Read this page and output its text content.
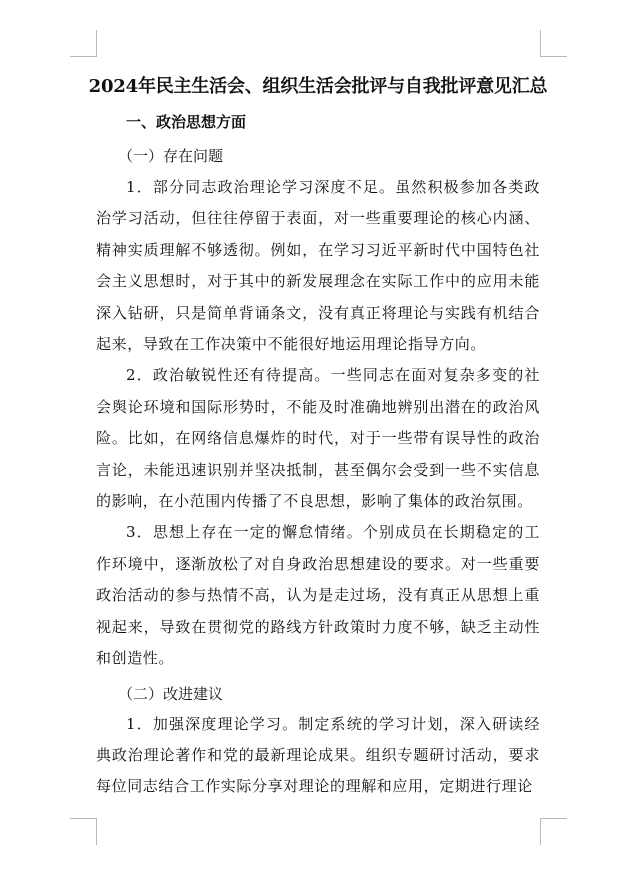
2024年民主生活会、组织生活会批评与自我批评意见汇总
一、政治思想方面
（一）存在问题

1．部分同志政治理论学习深度不足。虽然积极参加各类政治学习活动，但往往停留于表面，对一些重要理论的核心内涵、精神实质理解不够透彻。例如，在学习习近平新时代中国特色社会主义思想时，对于其中的新发展理念在实际工作中的应用未能深入钻研，只是简单背诵条文，没有真正将理论与实践有机结合起来，导致在工作决策中不能很好地运用理论指导方向。

2．政治敏锐性还有待提高。一些同志在面对复杂多变的社会舆论环境和国际形势时，不能及时准确地辨别出潜在的政治风险。比如，在网络信息爆炸的时代，对于一些带有误导性的政治言论，未能迅速识别并坚决抵制，甚至偶尔会受到一些不实信息的影响，在小范围内传播了不良思想，影响了集体的政治氛围。

3．思想上存在一定的懈怠情绪。个别成员在长期稳定的工作环境中，逐渐放松了对自身政治思想建设的要求。对一些重要政治活动的参与热情不高，认为是走过场，没有真正从思想上重视起来，导致在贯彻党的路线方针政策时力度不够，缺乏主动性和创造性。

（二）改进建议

1．加强深度理论学习。制定系统的学习计划，深入研读经典政治理论著作和党的最新理论成果。组织专题研讨活动，要求每位同志结合工作实际分享对理论的理解和应用，定期进行理论
